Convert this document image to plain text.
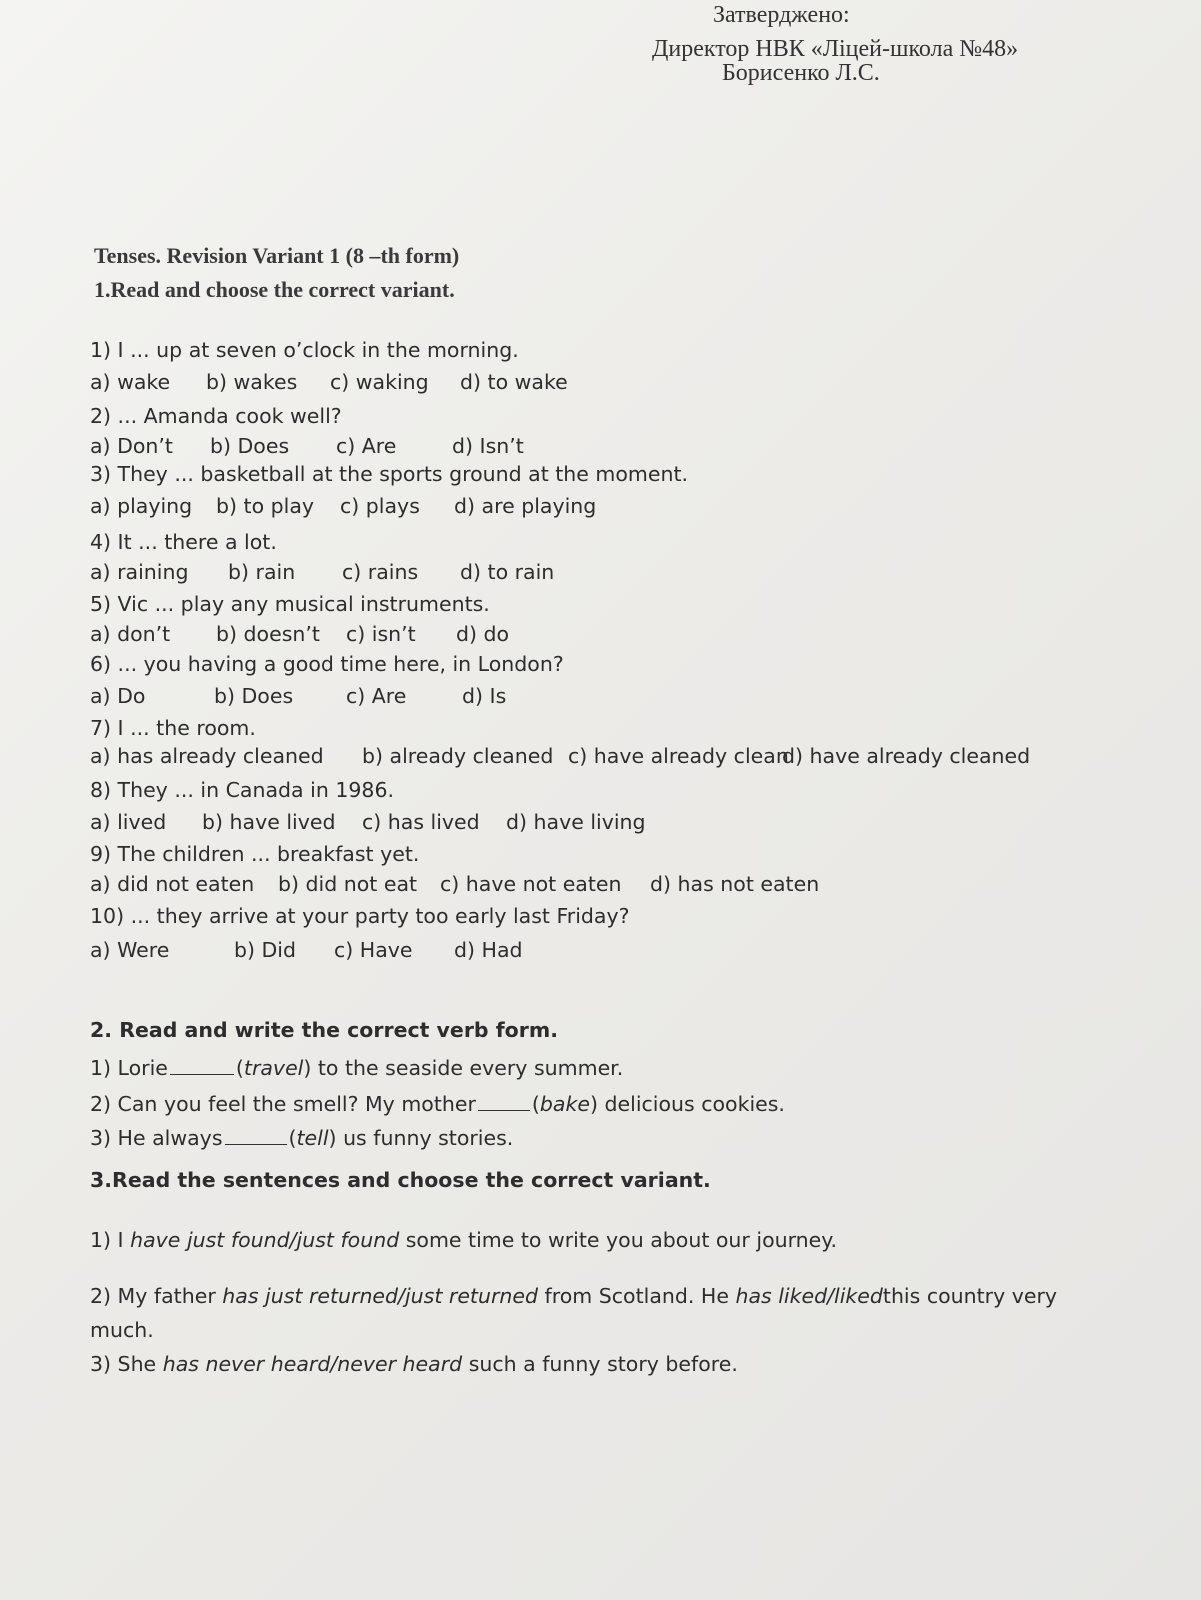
Затверджено:
Директор НВК «Ліцей-школа №48»
Борисенко Л.С.
Tenses. Revision Variant 1 (8 –th form)
1.Read and choose the correct variant.
1) I ... up at seven o’clock in the morning.
a) wake b) wakes c) waking d) to wake
2) ... Amanda cook well?
a) Don’t b) Does c) Are	d) Isn’t
3) They ... basketball at the sports ground at the moment.
a) playing b) to play c) plays d) are playing
4) It ... there a lot.
a) raining b) rain c) rains d) to rain
5) Vic ... play any musical instruments.
a) don’t b) doesn’t c) isn’t d) do
6) ... you having a good time here, in London?
a) Do	b) Does	c) Are	d) Is
7) I ... the room.
a) has already cleaned b) already cleaned c) have already cleand) have already cleaned
8) They ... in Canada in 1986.
a) lived b) have lived c) has lived d) have living
9) The children ... breakfast yet.
a) did not eaten b) did not eat c) have not eaten d) has not eaten
10) ... they arrive at your party too early last Friday?
a) Were	b) Did c) Have d) Had
2. Read and write the correct verb form.
1) Lorie	(travel) to the seaside every summer.
2) Can you feel the smell? My mother	(bake) delicious cookies.
3) He always	(tell) us funny stories.
3.Read the sentences and choose the correct variant.
1) I have just found/just found some time to write you about our journey.
2) My father has just returned/just returned from Scotland. He has liked/likedthis country very
much.
3) She has never heard/never heard such a funny story before.
